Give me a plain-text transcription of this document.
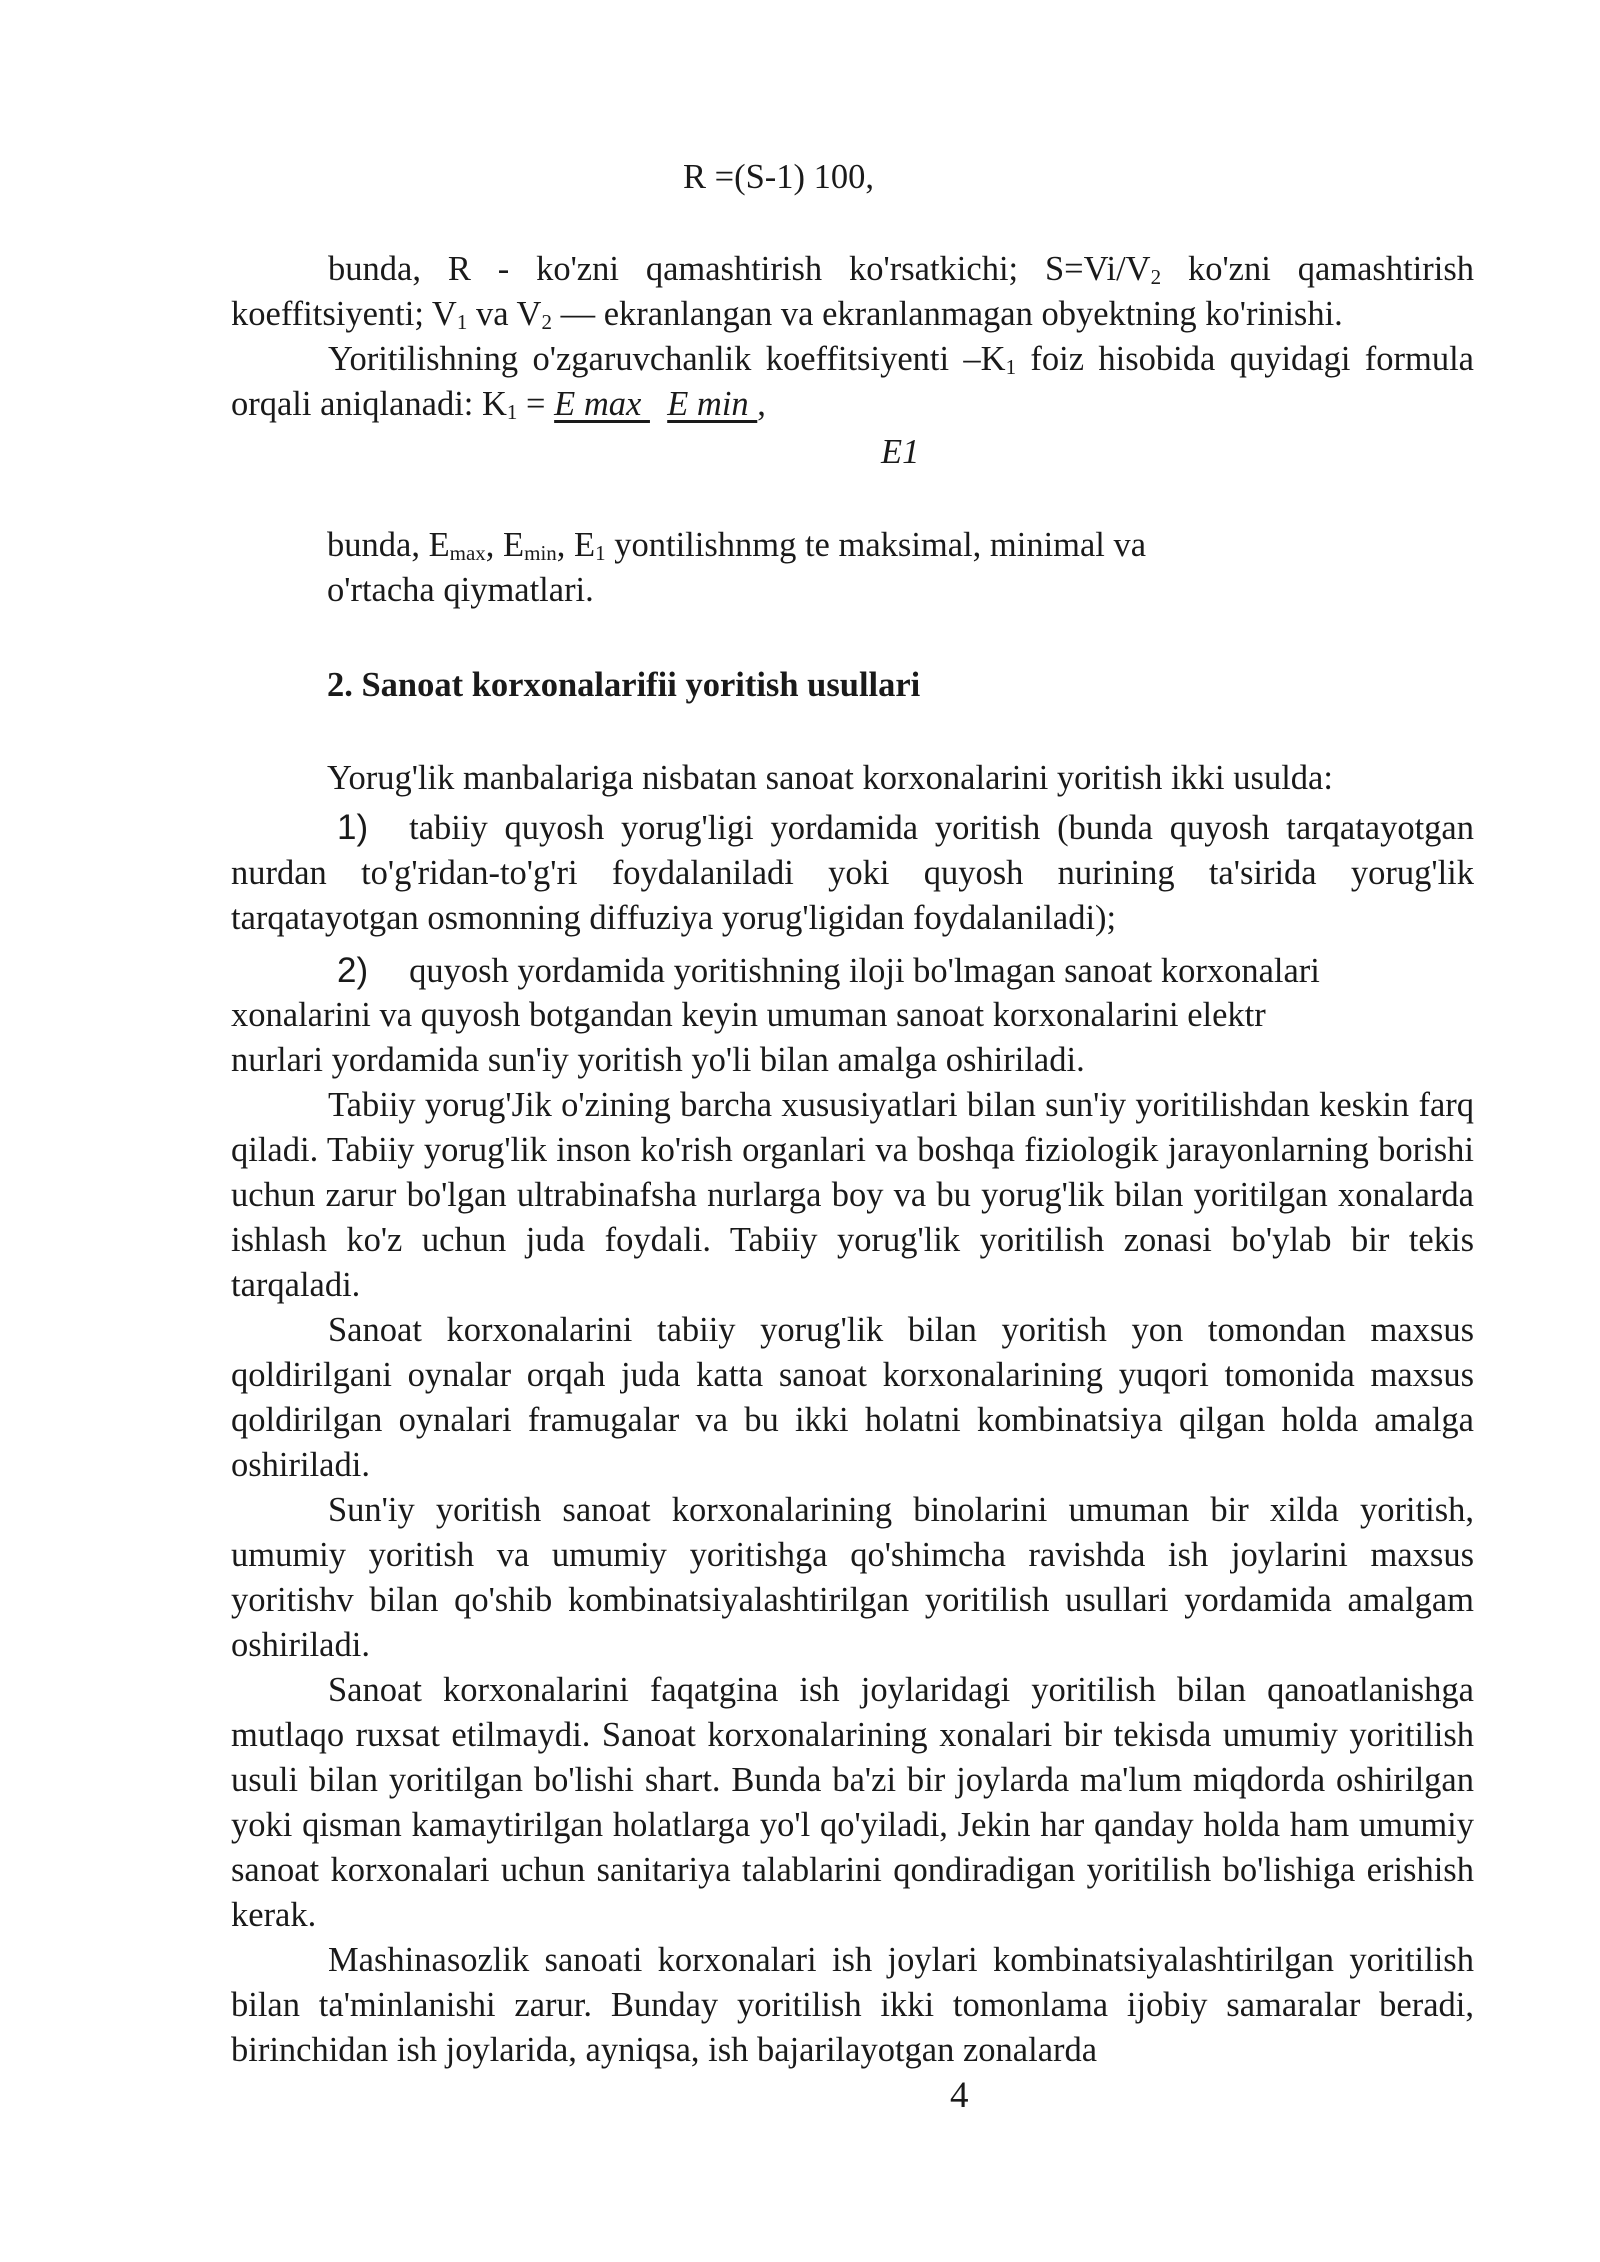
R =(S-1) 100,
bunda, R - ko'zni qamashtirish ko'rsatkichi; $S=Vi/V_2$ ko'zni qamashtirish koeffitsiyenti; $V_1$ va $V_2$ — ekranlangan va ekranlanmagan obyektning ko'rinishi.
Yoritilishning o'zgaruvchanlik koeffitsiyenti $-K_1$ foiz hisobida quyidagi formula orqali aniqlanadi: $K_1 = E$ max   E min ,
E1
bunda, $E_{max}$, $E_{min}$, $E_1$ yontilishnmg te maksimal, minimal va
o'rtacha qiymatlari.
2. Sanoat korxonalarifii yoritish usullari
Yorug'lik manbalariga nisbatan sanoat korxonalarini yoritish ikki usulda:
1) tabiiy quyosh yorug'ligi yordamida yoritish (bunda quyosh tarqatayotgan nurdan to'g'ridan-to'g'ri foydalaniladi yoki quyosh nurining ta'sirida yorug'lik tarqatayotgan osmonning diffuziya yorug'ligidan foydalaniladi);
2) quyosh yordamida yoritishning iloji bo'lmagan sanoat korxonalari
xonalarini va quyosh botgandan keyin umuman sanoat korxonalarini elektr
nurlari yordamida sun'iy yoritish yo'li bilan amalga oshiriladi.
Tabiiy yorug'Jik o'zining barcha xususiyatlari bilan sun'iy yoritilishdan keskin farq qiladi. Tabiiy yorug'lik inson ko'rish organlari va boshqa fiziologik jarayonlarning borishi uchun zarur bo'lgan ultrabinafsha nurlarga boy va bu yorug'lik bilan yoritilgan xonalarda ishlash ko'z uchun juda foydali. Tabiiy yorug'lik yoritilish zonasi bo'ylab bir tekis tarqaladi.
Sanoat korxonalarini tabiiy yorug'lik bilan yoritish yon tomondan maxsus qoldirilgani oynalar orqah juda katta sanoat korxonalarining yuqori tomonida maxsus qoldirilgan oynalari framugalar va bu ikki holatni kombinatsiya qilgan holda amalga oshiriladi.
Sun'iy yoritish sanoat korxonalarining binolarini umuman bir xilda yoritish, umumiy yoritish va umumiy yoritishga qo'shimcha ravishda ish joylarini maxsus yoritishv bilan qo'shib kombinatsiyalashtirilgan yoritilish usullari yordamida amalgam oshiriladi.
Sanoat korxonalarini faqatgina ish joylaridagi yoritilish bilan qanoatlanishga mutlaqo ruxsat etilmaydi. Sanoat korxonalarining xonalari bir tekisda umumiy yoritilish usuli bilan yoritilgan bo'lishi shart. Bunda ba'zi bir joylarda ma'lum miqdorda oshirilgan yoki qisman kamaytirilgan holatlarga yo'l qo'yiladi, Jekin har qanday holda ham umumiy sanoat korxonalari uchun sanitariya talablarini qondiradigan yoritilish bo'lishiga erishish kerak.
Mashinasozlik sanoati korxonalari ish joylari kombinatsiyalashtirilgan yoritilish bilan ta'minlanishi zarur. Bunday yoritilish ikki tomonlama ijobiy samaralar beradi, birinchidan ish joylarida, ayniqsa, ish bajarilayotgan zonalarda
4
